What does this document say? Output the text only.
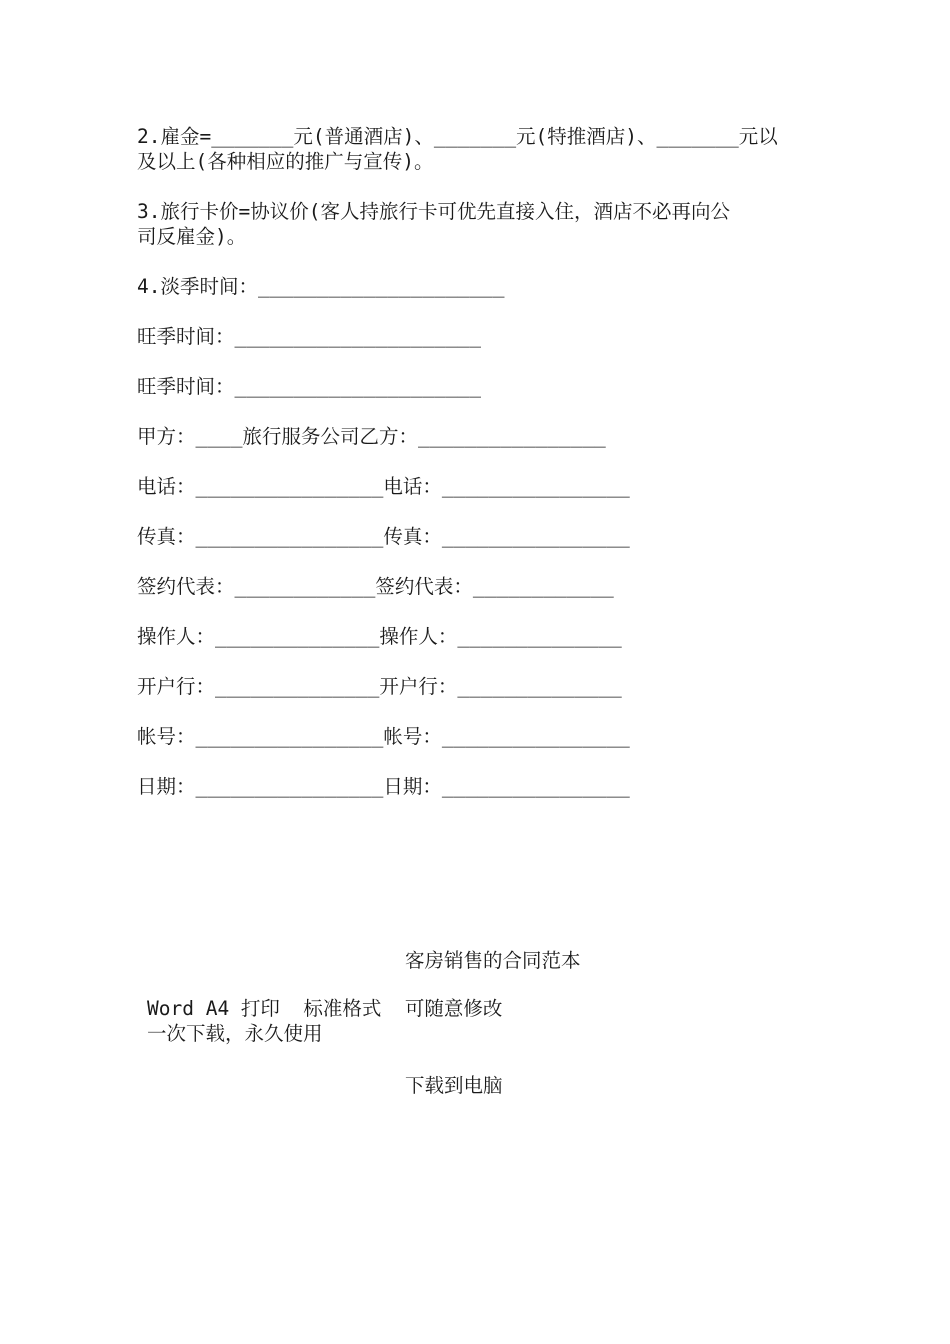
2.雇金=_______元(普通酒店)、_______元(特推酒店)、_______元以
及以上(各种相应的推广与宣传)。
3.旅行卡价=协议价(客人持旅行卡可优先直接入住，酒店不必再向公
司反雇金)。
4.淡季时间：_____________________
旺季时间：_____________________
旺季时间：_____________________
甲方：____旅行服务公司乙方：________________
电话：________________电话：________________
传真：________________传真：________________
签约代表：____________签约代表：____________
操作人：______________操作人：______________
开户行：______________开户行：______________
帐号：________________帐号：________________
日期：________________日期：________________
客房销售的合同范本
Word A4 打印  标准格式  可随意修改
一次下载，永久使用
下载到电脑
